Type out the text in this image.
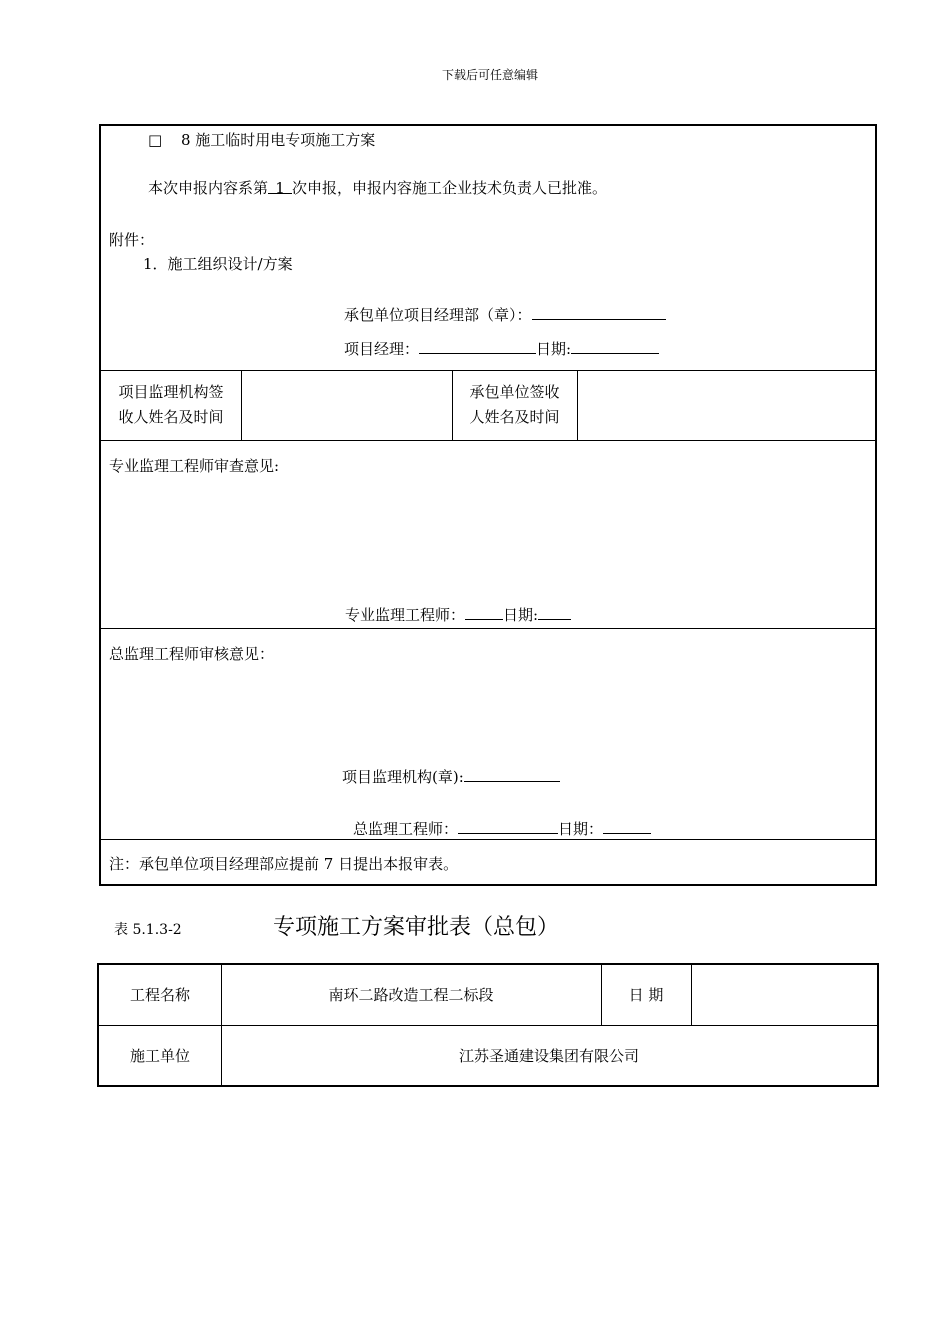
下载后可任意编辑
□ 8 施工临时用电专项施工方案
本次申报内容系第 1 次申报，申报内容施工企业技术负责人已批准。
附件：
1．施工组织设计/方案
承包单位项目经理部（章）：
项目经理：	日期:
项目监理机构签
收人姓名及时间
承包单位签收
人姓名及时间
专业监理工程师审查意见:
专业监理工程师：	日期:
总监理工程师审核意见：
项目监理机构(章):
总监理工程师：	日期：
注：承包单位项目经理部应提前 7 日提出本报审表。
表 5.1.3-2	专项施工方案审批表（总包）
工程名称	南环二路改造工程二标段	日 期
施工单位	江苏圣通建设集团有限公司
